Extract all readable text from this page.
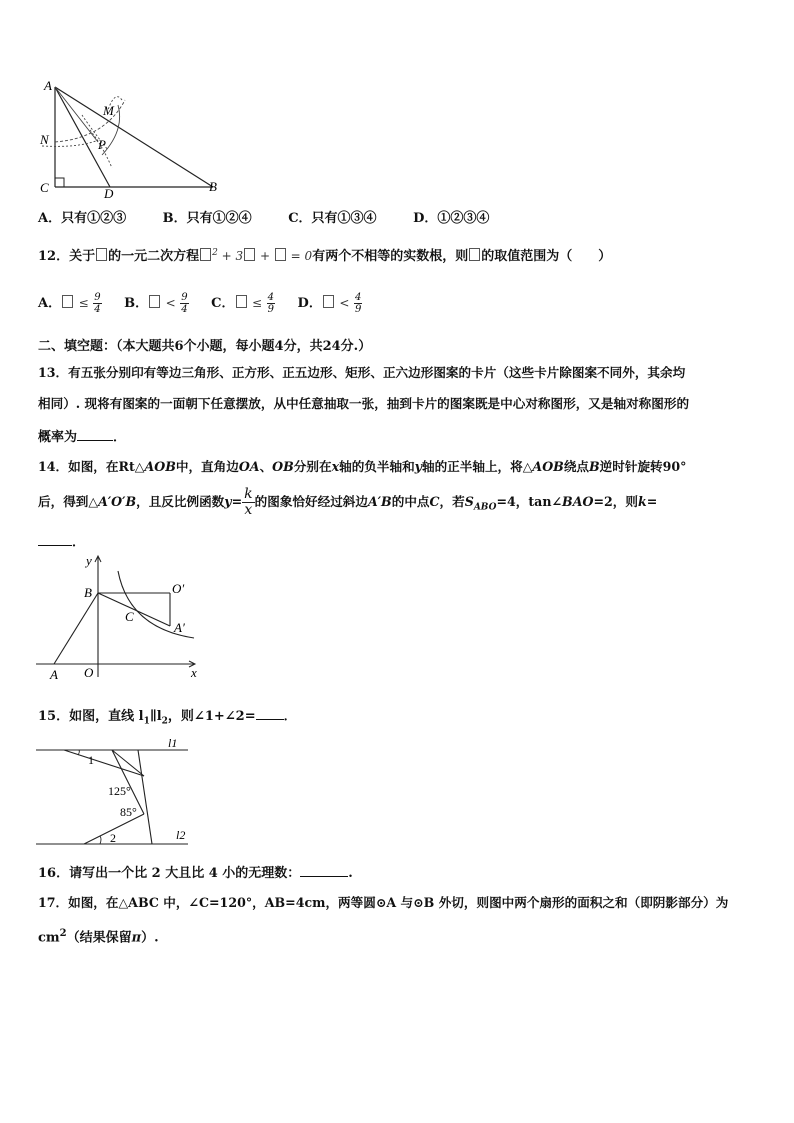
A
M
N	P
C	D	B
A．只有①②③	B．只有①②④	C．只有①③④	D．①②③④
12．关于 的一元二次方程 $^2$ + 3 +  = 0有两个不相等的实数根，则 的取值范围为（　　）
A． ≤ $\frac{9}{4}$ B． < $\frac{9}{4}$ C． ≤ $\frac{4}{9}$ D． < $\frac{4}{9}$
二、填空题：（本大题共6个小题，每小题4分，共24分.）
13．有五张分别印有等边三角形、正方形、正五边形、矩形、正六边形图案的卡片（这些卡片除图案不同外，其余均
相同）. 现将有图案的一面朝下任意摆放，从中任意抽取一张，抽到卡片的图案既是中心对称图形，又是轴对称图形的
概率为	．
14．如图，在Rt△AOB中，直角边OA、OB分别在x轴的负半轴和y轴的正半轴上，将△AOB绕点B逆时针旋转90°
后，得到△A′O′B，且反比例函数$y= \frac{k}{x}$ 的图象恰好经过斜边A′B的中点C，若$S_{ABO}=4$，tan∠BAO=2，则k=
．
y
B	O′
C
A′
A O	x
15．如图，直线 $l_1\parallel l_2$，则∠1+∠2= ．
l1
1
125°
85°
2	l2
16．请写出一个比 2 大且比 4 小的无理数：	.
17．如图，在△ABC 中，∠C=120°，AB=4cm，两等圆⊙A 与⊙B 外切，则图中两个扇形的面积之和（即阴影部分）为
$cm^2$（结果保留π）.
